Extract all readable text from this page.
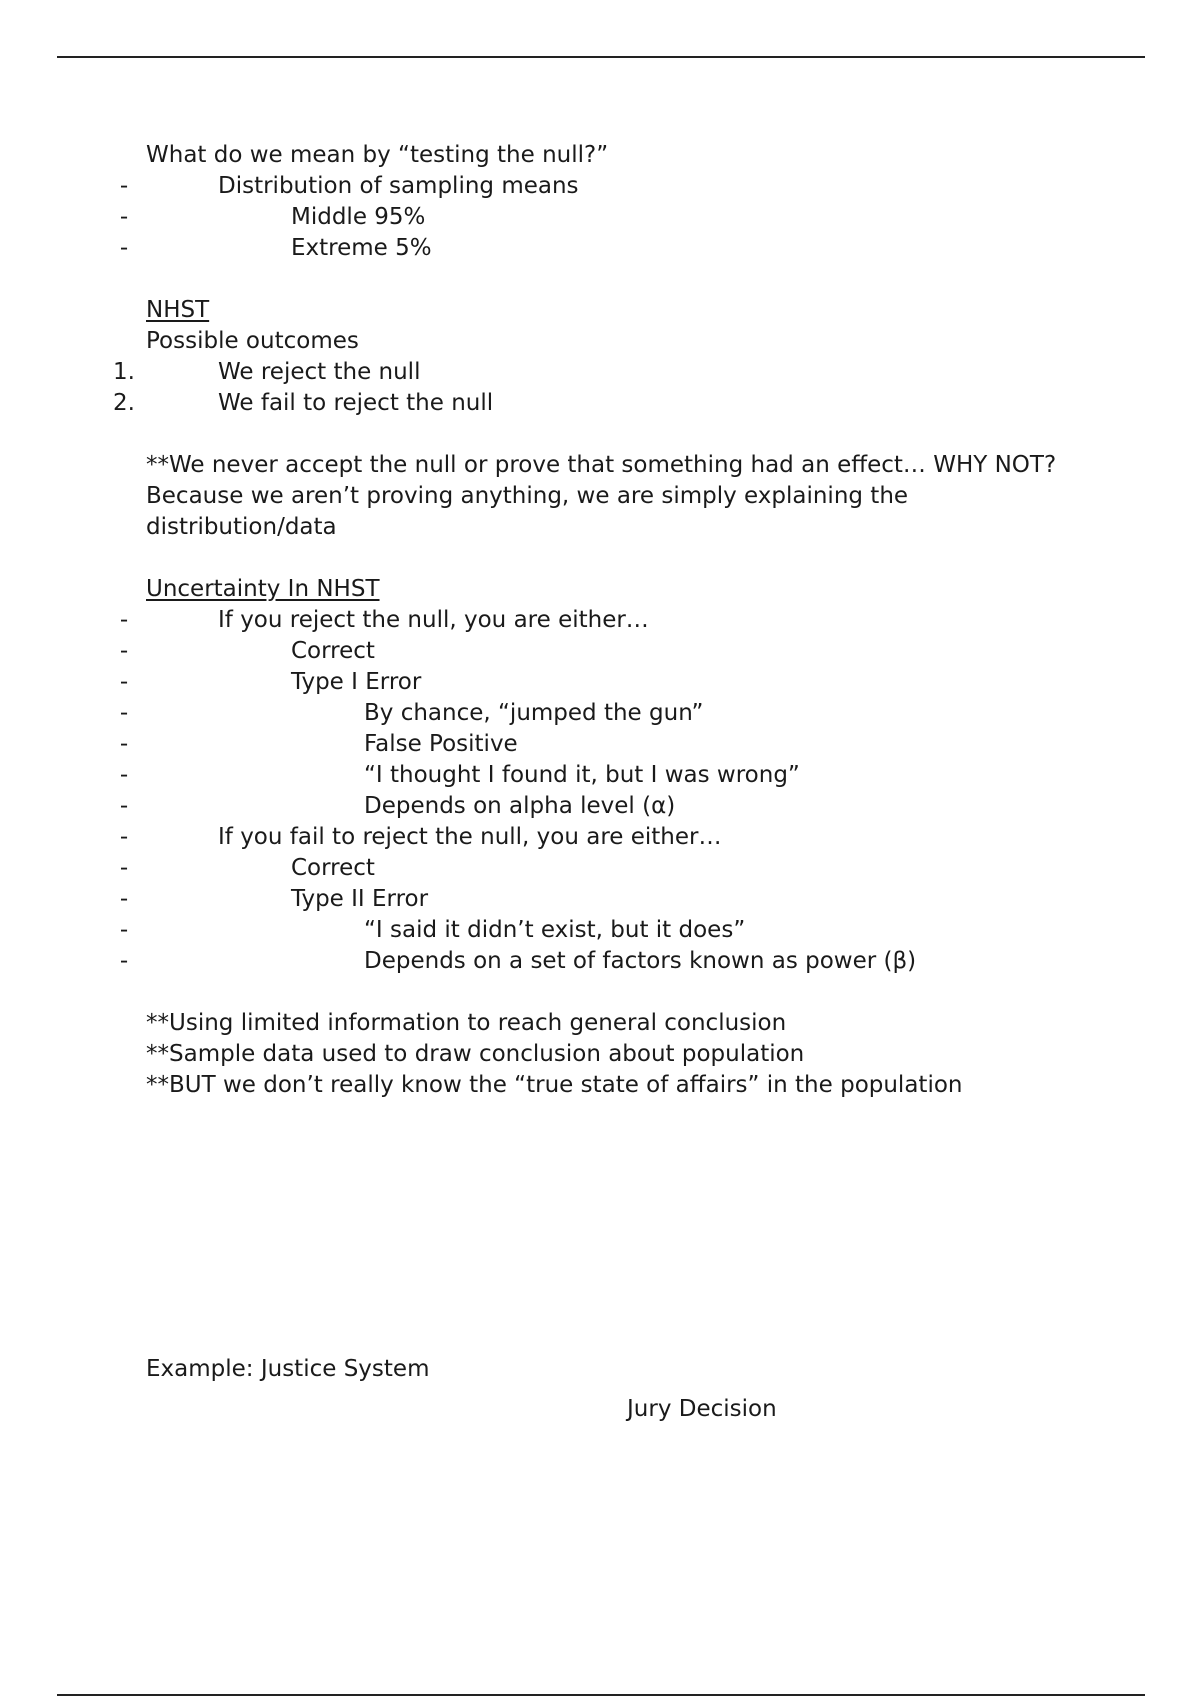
What do we mean by “testing the null?”
-	Distribution of sampling means
-	Middle 95%
-	Extreme 5%
NHST
Possible outcomes
1.	We reject the null
2.	We fail to reject the null
**We never accept the null or prove that something had an effect… WHY NOT? Because we aren’t proving anything, we are simply explaining the distribution/data
Uncertainty In NHST
-	If you reject the null, you are either…
-	Correct
-	Type I Error
-	By chance, “jumped the gun”
-	False Positive
-	“I thought I found it, but I was wrong”
-	Depends on alpha level (α)
-	If you fail to reject the null, you are either…
-	Correct
-	Type II Error
-	“I said it didn’t exist, but it does”
-	Depends on a set of factors known as power (β)
**Using limited information to reach general conclusion
**Sample data used to draw conclusion about population
**BUT we don’t really know the “true state of affairs” in the population
Example: Justice System
Jury Decision
